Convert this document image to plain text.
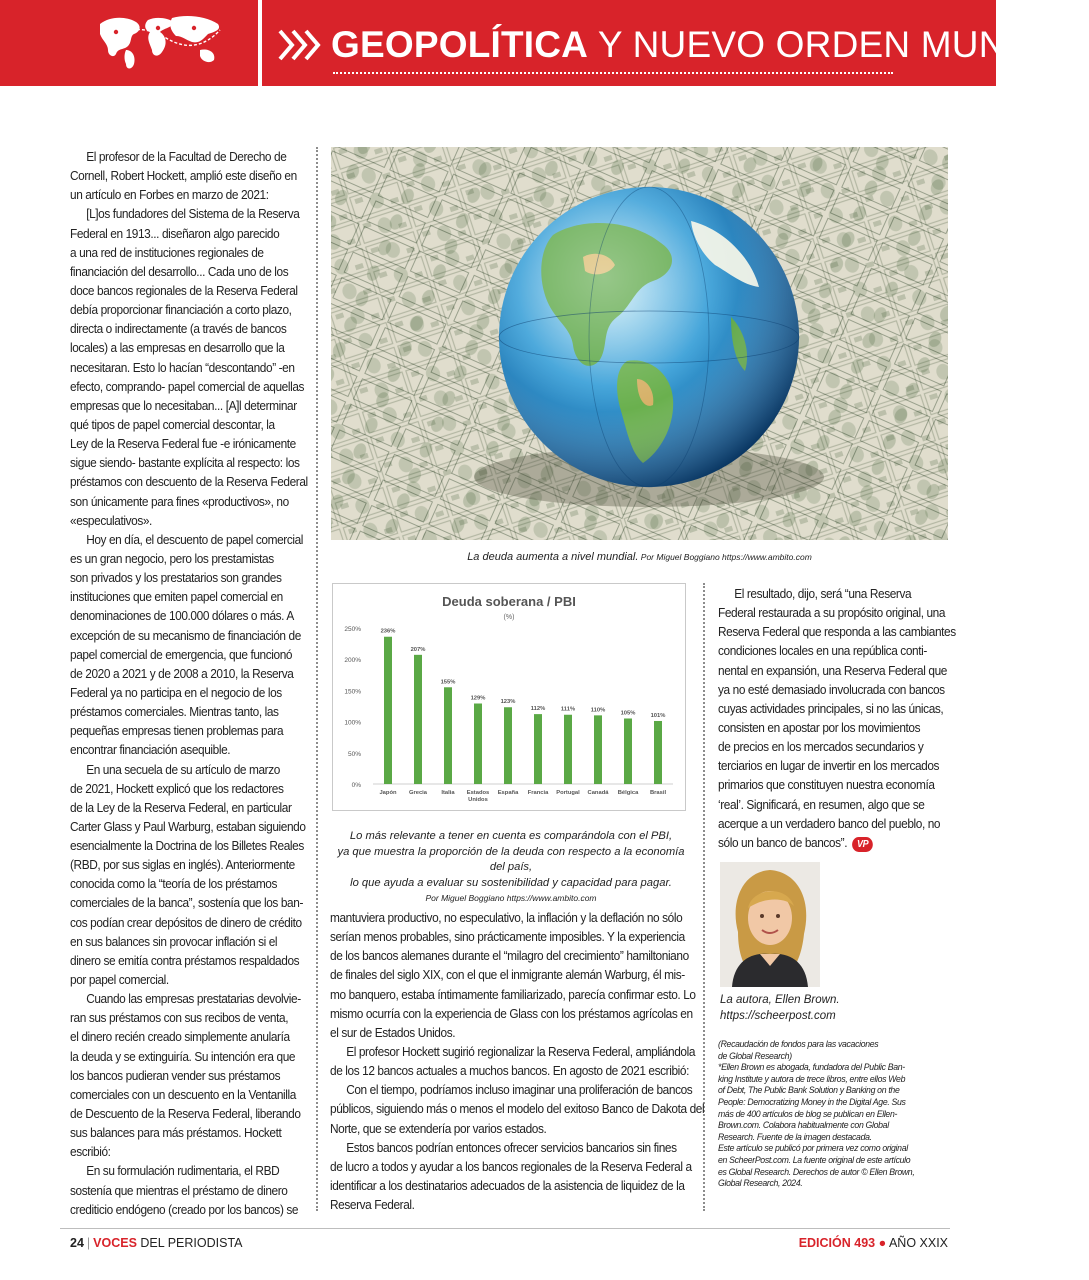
GEOPOLÍTICA Y NUEVO ORDEN MUNDIAL

El profesor de la Facultad de Derecho de

Cornell, Robert Hockett, amplió este diseño en

un artículo en Forbes en marzo de 2021:

[L]os fundadores del Sistema de la Reserva

Federal en 1913... diseñaron algo parecido

a una red de instituciones regionales de

financiación del desarrollo... Cada uno de los

doce bancos regionales de la Reserva Federal

debía proporcionar financiación a corto plazo,

directa o indirectamente (a través de bancos

locales) a las empresas en desarrollo que la

necesitaran. Esto lo hacían “descontando” -en

efecto, comprando- papel comercial de aquellas

empresas que lo necesitaban... [A]l determinar

qué tipos de papel comercial descontar, la

Ley de la Reserva Federal fue -e irónicamente

sigue siendo- bastante explícita al respecto: los

préstamos con descuento de la Reserva Federal

son únicamente para fines «productivos», no

«especulativos».

Hoy en día, el descuento de papel comercial

es un gran negocio, pero los prestamistas

son privados y los prestatarios son grandes

instituciones que emiten papel comercial en

denominaciones de 100.000 dólares o más. A

excepción de su mecanismo de financiación de

papel comercial de emergencia, que funcionó

de 2020 a 2021 y de 2008 a 2010, la Reserva

Federal ya no participa en el negocio de los

préstamos comerciales. Mientras tanto, las

pequeñas empresas tienen problemas para

encontrar financiación asequible.

En una secuela de su artículo de marzo

de 2021, Hockett explicó que los redactores

de la Ley de la Reserva Federal, en particular

Carter Glass y Paul Warburg, estaban siguiendo

esencialmente la Doctrina de los Billetes Reales

(RBD, por sus siglas en inglés). Anteriormente

conocida como la “teoría de los préstamos

comerciales de la banca”, sostenía que los ban-

cos podían crear depósitos de dinero de crédito

en sus balances sin provocar inflación si el

dinero se emitía contra préstamos respaldados

por papel comercial.

Cuando las empresas prestatarias devolvie-

ran sus préstamos con sus recibos de venta,

el dinero recién creado simplemente anularía

la deuda y se extinguiría. Su intención era que

los bancos pudieran vender sus préstamos

comerciales con un descuento en la Ventanilla

de Descuento de la Reserva Federal, liberando

sus balances para más préstamos. Hockett

escribió:

En su formulación rudimentaria, el RBD

sostenía que mientras el préstamo de dinero

crediticio endógeno (creado por los bancos) se

La deuda aumenta a nivel mundial. Por Miguel Boggiano https://www.ambito.com
Deuda soberana / PBI
(%)
0%
50%
100%
150%
200%
250%	236%
Japón
207%
Grecia
155%
Italia
129%
Estados
Unidos
123%
España
112%
Francia
111%
Portugal
110%
Canadá
105%
Bélgica
101%
Brasil
Lo más relevante a tener en cuenta es comparándola con el PBI,
ya que muestra la proporción de la deuda con respecto a la economía del país,
lo que ayuda a evaluar su sostenibilidad y capacidad para pagar.
Por Miguel Boggiano https://www.ambito.com

mantuviera productivo, no especulativo, la inflación y la deflación no sólo

serían menos probables, sino prácticamente imposibles. Y la experiencia

de los bancos alemanes durante el “milagro del crecimiento” hamiltoniano

de finales del siglo XIX, con el que el inmigrante alemán Warburg, él mis-

mo banquero, estaba íntimamente familiarizado, parecía confirmar esto. Lo

mismo ocurría con la experiencia de Glass con los préstamos agrícolas en

el sur de Estados Unidos.

El profesor Hockett sugirió regionalizar la Reserva Federal, ampliándola

de los 12 bancos actuales a muchos bancos. En agosto de 2021 escribió:

Con el tiempo, podríamos incluso imaginar una proliferación de bancos

públicos, siguiendo más o menos el modelo del exitoso Banco de Dakota del

Norte, que se extendería por varios estados.

Estos bancos podrían entonces ofrecer servicios bancarios sin fines

de lucro a todos y ayudar a los bancos regionales de la Reserva Federal a

identificar a los destinatarios adecuados de la asistencia de liquidez de la

Reserva Federal.

El resultado, dijo, será “una Reserva

Federal restaurada a su propósito original, una

Reserva Federal que responda a las cambiantes

condiciones locales en una república conti-

nental en expansión, una Reserva Federal que

ya no esté demasiado involucrada con bancos

cuyas actividades principales, si no las únicas,

consisten en apostar por los movimientos

de precios en los mercados secundarios y

terciarios en lugar de invertir en los mercados

primarios que constituyen nuestra economía

‘real’. Significará, en resumen, algo que se

acerque a un verdadero banco del pueblo, no

sólo un banco de bancos”. VP

La autora, Ellen Brown.
https://scheerpost.com

(Recaudación de fondos para las vacaciones

de Global Research)

*Ellen Brown es abogada, fundadora del Public Ban-

king Institute y autora de trece libros, entre ellos Web

of Debt, The Public Bank Solution y Banking on the

People: Democratizing Money in the Digital Age. Sus

más de 400 artículos de blog se publican en Ellen-

Brown.com. Colabora habitualmente con Global

Research. Fuente de la imagen destacada.

Este artículo se publicó por primera vez como original

en ScheerPost.com. La fuente original de este artículo

es Global Research. Derechos de autor © Ellen Brown,

Global Research, 2024.

24 | VOCES DEL PERIODISTA	EDICIÓN 493 ● AÑO XXIX
